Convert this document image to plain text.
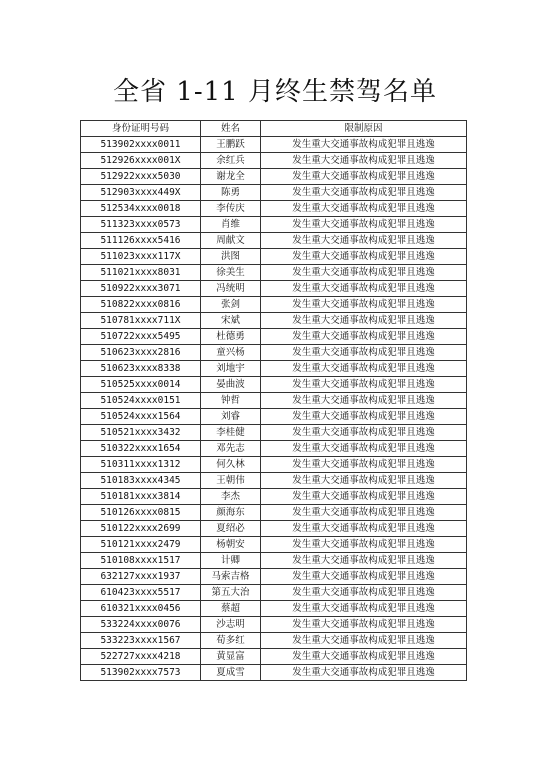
全省 1-11 月终生禁驾名单
身份证明号码	姓名	限制原因
513902xxxx0011	王鹏跃	发生重大交通事故构成犯罪且逃逸
512926xxxx001X	余红兵	发生重大交通事故构成犯罪且逃逸
512922xxxx5030	谢龙全	发生重大交通事故构成犯罪且逃逸
512903xxxx449X	陈勇	发生重大交通事故构成犯罪且逃逸
512534xxxx0018	李传庆	发生重大交通事故构成犯罪且逃逸
511323xxxx0573	肖维	发生重大交通事故构成犯罪且逃逸
511126xxxx5416	周献文	发生重大交通事故构成犯罪且逃逸
511023xxxx117X	洪图	发生重大交通事故构成犯罪且逃逸
511021xxxx8031	徐美生	发生重大交通事故构成犯罪且逃逸
510922xxxx3071	冯统明	发生重大交通事故构成犯罪且逃逸
510822xxxx0816	张剑	发生重大交通事故构成犯罪且逃逸
510781xxxx711X	宋斌	发生重大交通事故构成犯罪且逃逸
510722xxxx5495	杜德勇	发生重大交通事故构成犯罪且逃逸
510623xxxx2816	童兴杨	发生重大交通事故构成犯罪且逃逸
510623xxxx8338	刘地宇	发生重大交通事故构成犯罪且逃逸
510525xxxx0014	晏曲波	发生重大交通事故构成犯罪且逃逸
510524xxxx0151	钟哲	发生重大交通事故构成犯罪且逃逸
510524xxxx1564	刘睿	发生重大交通事故构成犯罪且逃逸
510521xxxx3432	李桂健	发生重大交通事故构成犯罪且逃逸
510322xxxx1654	邓先志	发生重大交通事故构成犯罪且逃逸
510311xxxx1312	何久林	发生重大交通事故构成犯罪且逃逸
510183xxxx4345	王朝伟	发生重大交通事故构成犯罪且逃逸
510181xxxx3814	李杰	发生重大交通事故构成犯罪且逃逸
510126xxxx0815	颜海东	发生重大交通事故构成犯罪且逃逸
510122xxxx2699	夏绍必	发生重大交通事故构成犯罪且逃逸
510121xxxx2479	杨朝安	发生重大交通事故构成犯罪且逃逸
510108xxxx1517	计卿	发生重大交通事故构成犯罪且逃逸
632127xxxx1937	马索吉格	发生重大交通事故构成犯罪且逃逸
610423xxxx5517	第五大治	发生重大交通事故构成犯罪且逃逸
610321xxxx0456	蔡超	发生重大交通事故构成犯罪且逃逸
533224xxxx0076	沙志明	发生重大交通事故构成犯罪且逃逸
533223xxxx1567	荀多红	发生重大交通事故构成犯罪且逃逸
522727xxxx4218	黄显富	发生重大交通事故构成犯罪且逃逸
513902xxxx7573	夏成雪	发生重大交通事故构成犯罪且逃逸
